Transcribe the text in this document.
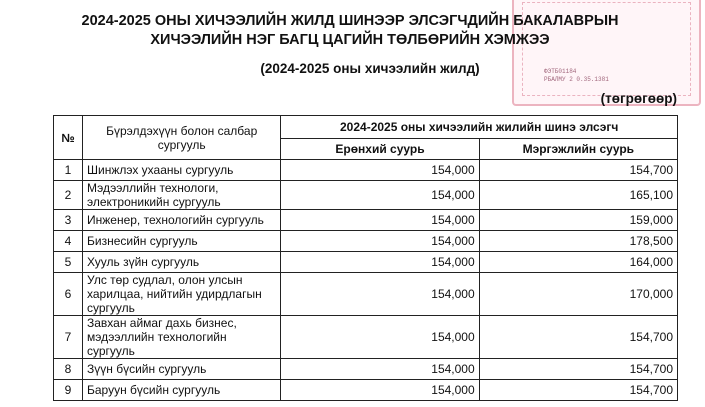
ФЭТБ01184
РБАЛМУ 2 0.35.1381
2024-2025 ОНЫ ХИЧЭЭЛИЙН ЖИЛД ШИНЭЭР ЭЛСЭГЧДИЙН БАКАЛАВРЫН
ХИЧЭЭЛИЙН НЭГ БАГЦ ЦАГИЙН ТӨЛБӨРИЙН ХЭМЖЭЭ
(2024-2025 оны хичээлийн жилд)
(төгрөгөөр)
№	Бүрэлдэхүүн болон салбар сургууль	2024-2025 оны хичээлийн жилийн шинэ элсэгч	
		Ерөнхий суурь	Мэргэжлийн суурь
1	Шинжлэх ухааны сургууль	154,000	154,700
2	Мэдээллийн технологи, электроникийн сургууль	154,000	165,100
3	Инженер, технологийн сургууль	154,000	159,000
4	Бизнесийн сургууль	154,000	178,500
5	Хууль зүйн сургууль	154,000	164,000
6	Улс төр судлал, олон улсын харилцаа, нийтийн удирдлагын сургууль	154,000	170,000
7	Завхан аймаг дахь бизнес, мэдээллийн технологийн сургууль	154,000	154,700
8	Зүүн бүсийн сургууль	154,000	154,700
9	Баруун бүсийн сургууль	154,000	154,700
